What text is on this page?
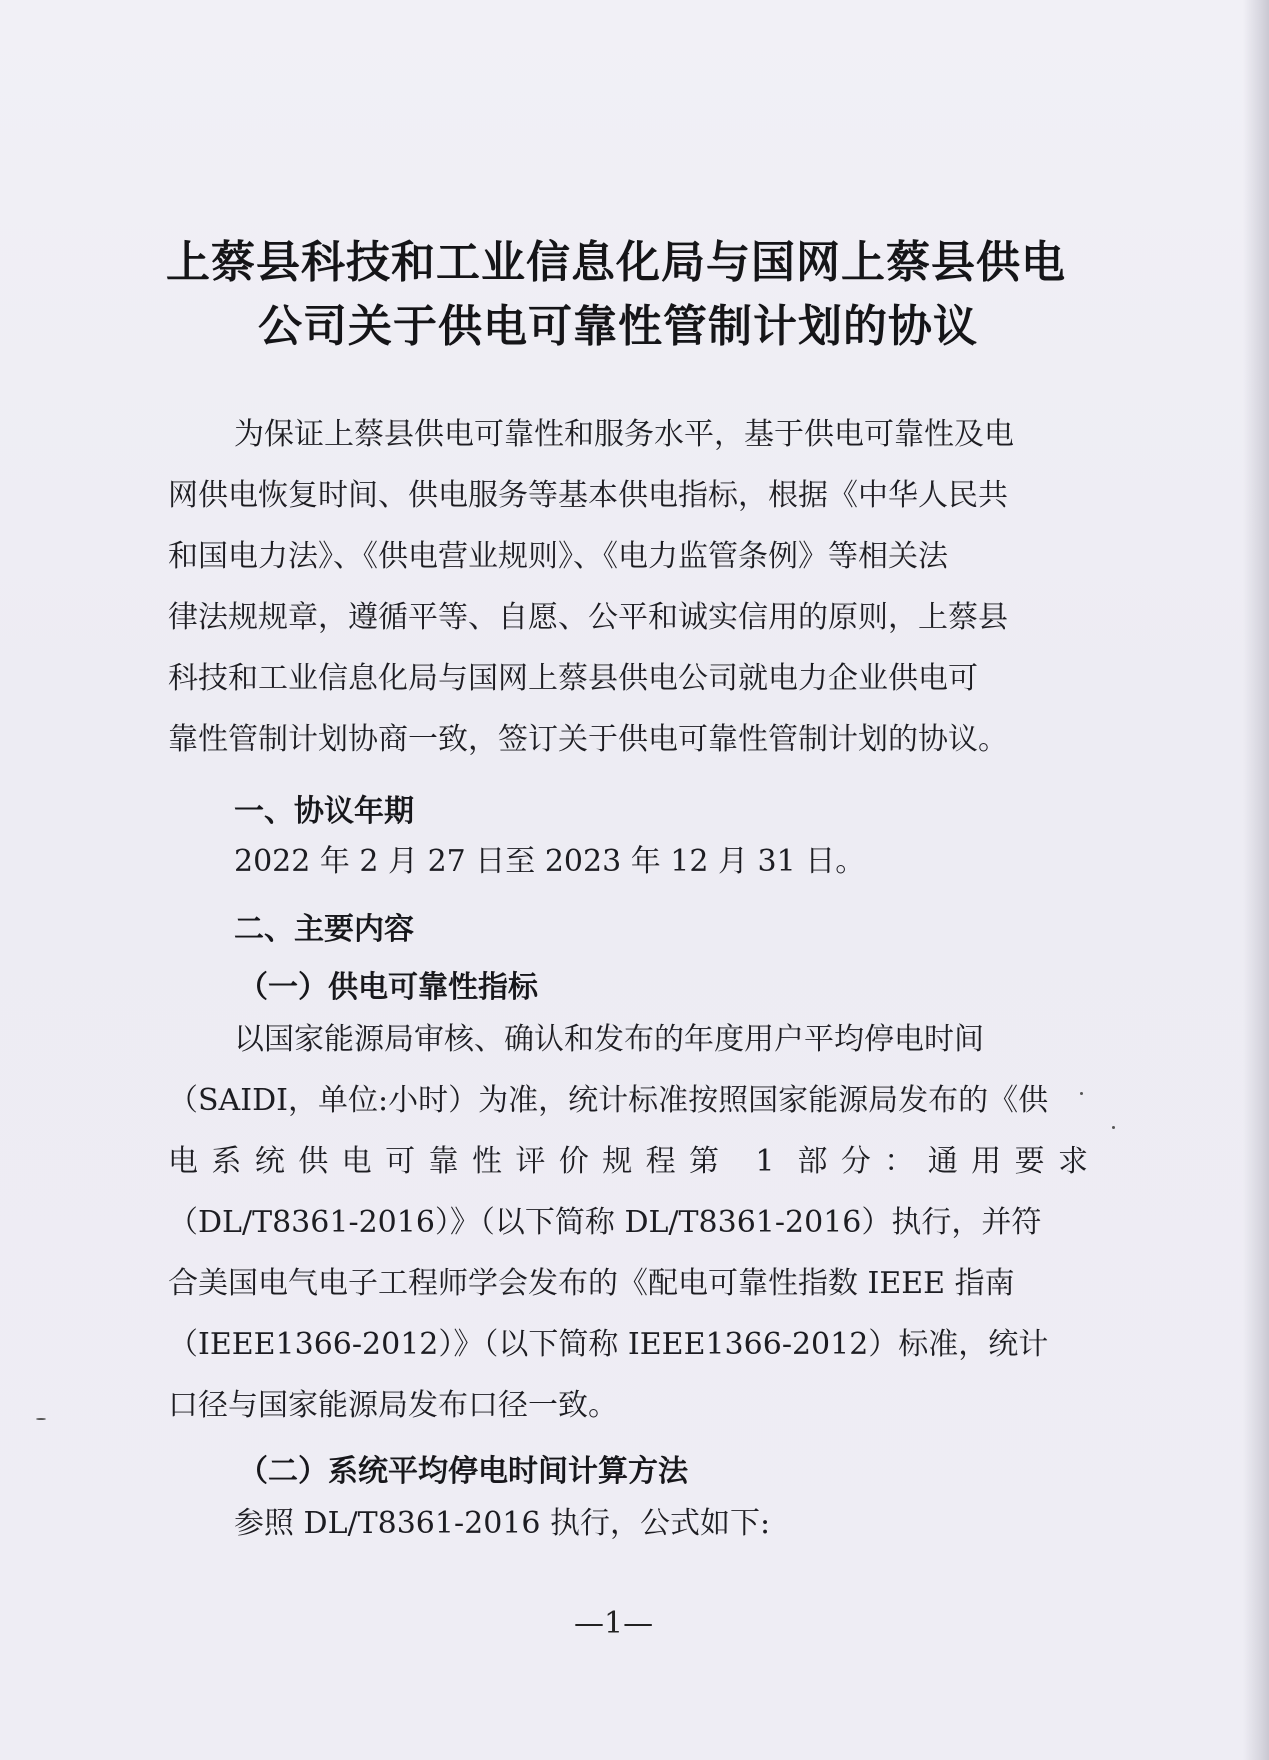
上蔡县科技和工业信息化局与国网上蔡县供电
公司关于供电可靠性管制计划的协议
为保证上蔡县供电可靠性和服务水平，基于供电可靠性及电
网供电恢复时间、供电服务等基本供电指标，根据《中华人民共
和国电力法》、《供电营业规则》、《电力监管条例》等相关法
律法规规章，遵循平等、自愿、公平和诚实信用的原则，上蔡县
科技和工业信息化局与国网上蔡县供电公司就电力企业供电可
靠性管制计划协商一致，签订关于供电可靠性管制计划的协议。
一、协议年期
2022 年 2 月 27 日至 2023 年 12 月 31 日。
二、主要内容
（一）供电可靠性指标
以国家能源局审核、确认和发布的年度用户平均停电时间
（SAIDI，单位:小时）为准，统计标准按照国家能源局发布的《供
电系统供电可靠性评价规程第 1 部分：通用要求
（DL/T8361-2016）》（以下简称 DL/T8361-2016）执行，并符
合美国电气电子工程师学会发布的《配电可靠性指数 IEEE 指南
（IEEE1366-2012）》（以下简称 IEEE1366-2012）标准，统计
口径与国家能源局发布口径一致。
（二）系统平均停电时间计算方法
参照 DL/T8361-2016 执行，公式如下:
—1—
